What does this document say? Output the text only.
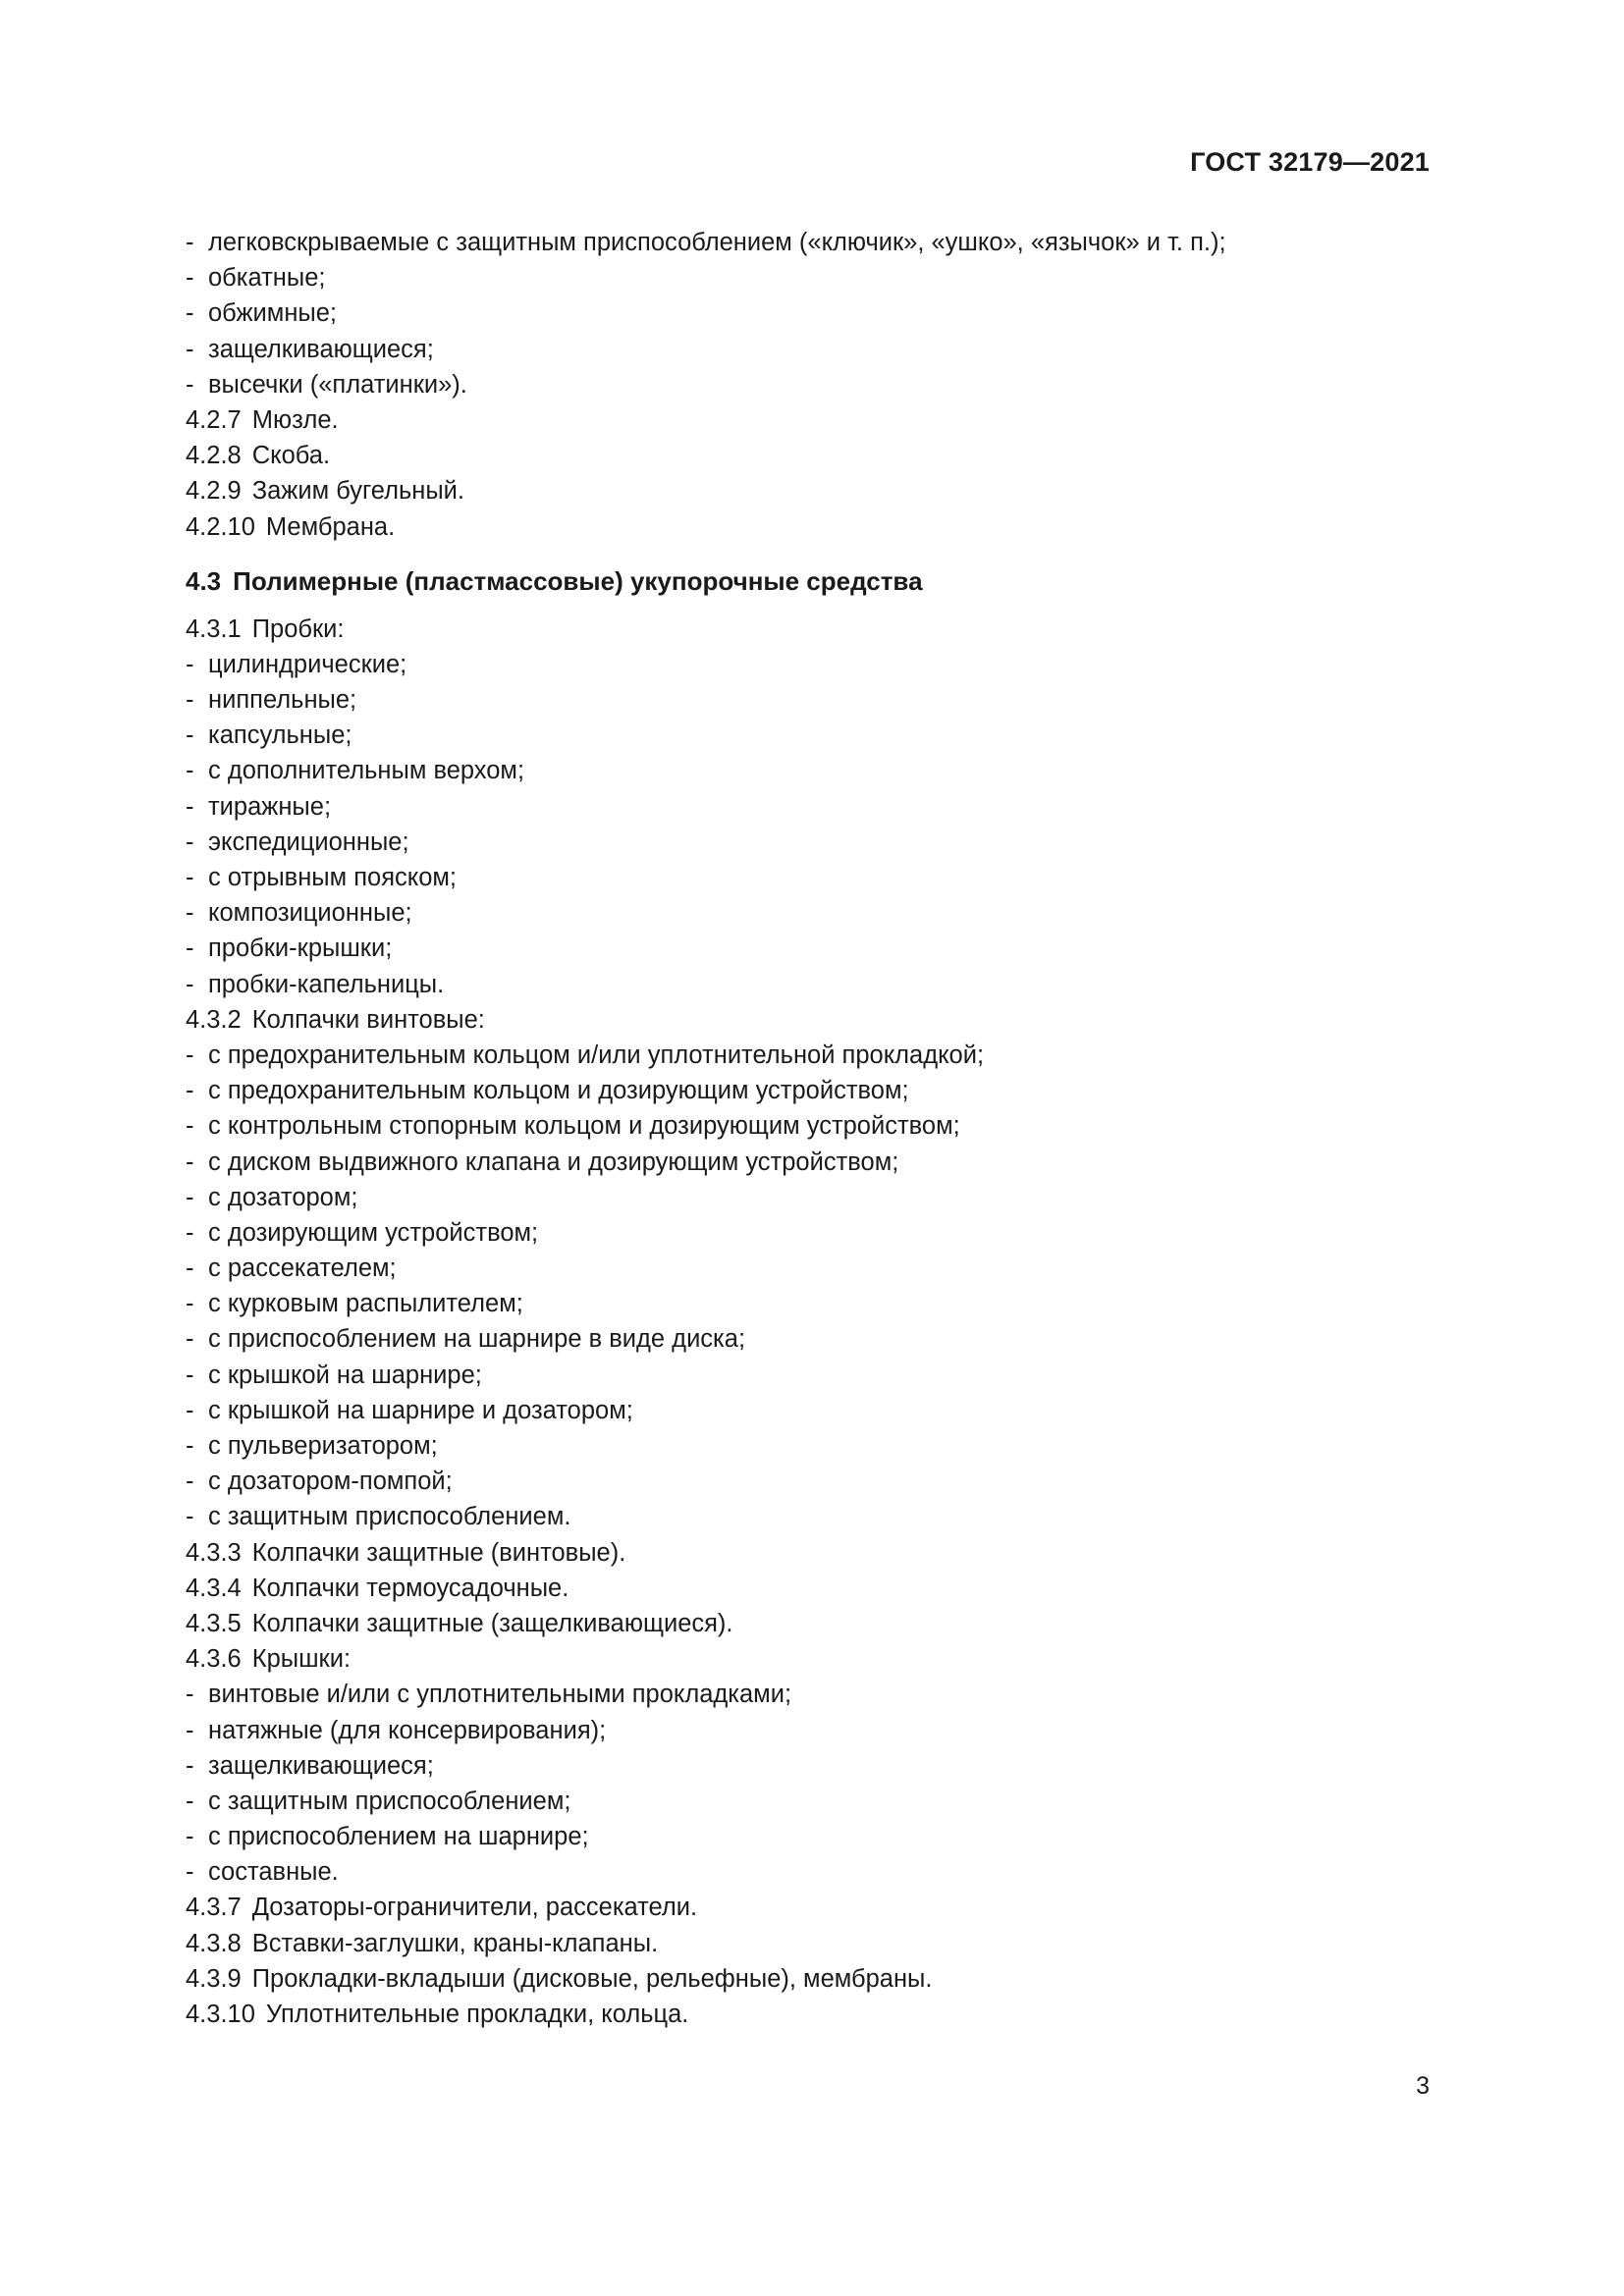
ГОСТ 32179—2021
- легковскрываемые с защитным приспособлением («ключик», «ушко», «язычок» и т. п.);
- обкатные;
- обжимные;
- защелкивающиеся;
- высечки («платинки»).
4.2.7 Мюзле.
4.2.8 Скоба.
4.2.9 Зажим бугельный.
4.2.10 Мембрана.
4.3 Полимерные (пластмассовые) укупорочные средства
4.3.1 Пробки:
- цилиндрические;
- ниппельные;
- капсульные;
- с дополнительным верхом;
- тиражные;
- экспедиционные;
- с отрывным пояском;
- композиционные;
- пробки-крышки;
- пробки-капельницы.
4.3.2 Колпачки винтовые:
- с предохранительным кольцом и/или уплотнительной прокладкой;
- с предохранительным кольцом и дозирующим устройством;
- с контрольным стопорным кольцом и дозирующим устройством;
- с диском выдвижного клапана и дозирующим устройством;
- с дозатором;
- с дозирующим устройством;
- с рассекателем;
- с курковым распылителем;
- с приспособлением на шарнире в виде диска;
- с крышкой на шарнире;
- с крышкой на шарнире и дозатором;
- с пульверизатором;
- с дозатором-помпой;
- с защитным приспособлением.
4.3.3 Колпачки защитные (винтовые).
4.3.4 Колпачки термоусадочные.
4.3.5 Колпачки защитные (защелкивающиеся).
4.3.6 Крышки:
- винтовые и/или с уплотнительными прокладками;
- натяжные (для консервирования);
- защелкивающиеся;
- с защитным приспособлением;
- с приспособлением на шарнире;
- составные.
4.3.7 Дозаторы-ограничители, рассекатели.
4.3.8 Вставки-заглушки, краны-клапаны.
4.3.9 Прокладки-вкладыши (дисковые, рельефные), мембраны.
4.3.10 Уплотнительные прокладки, кольца.
3
